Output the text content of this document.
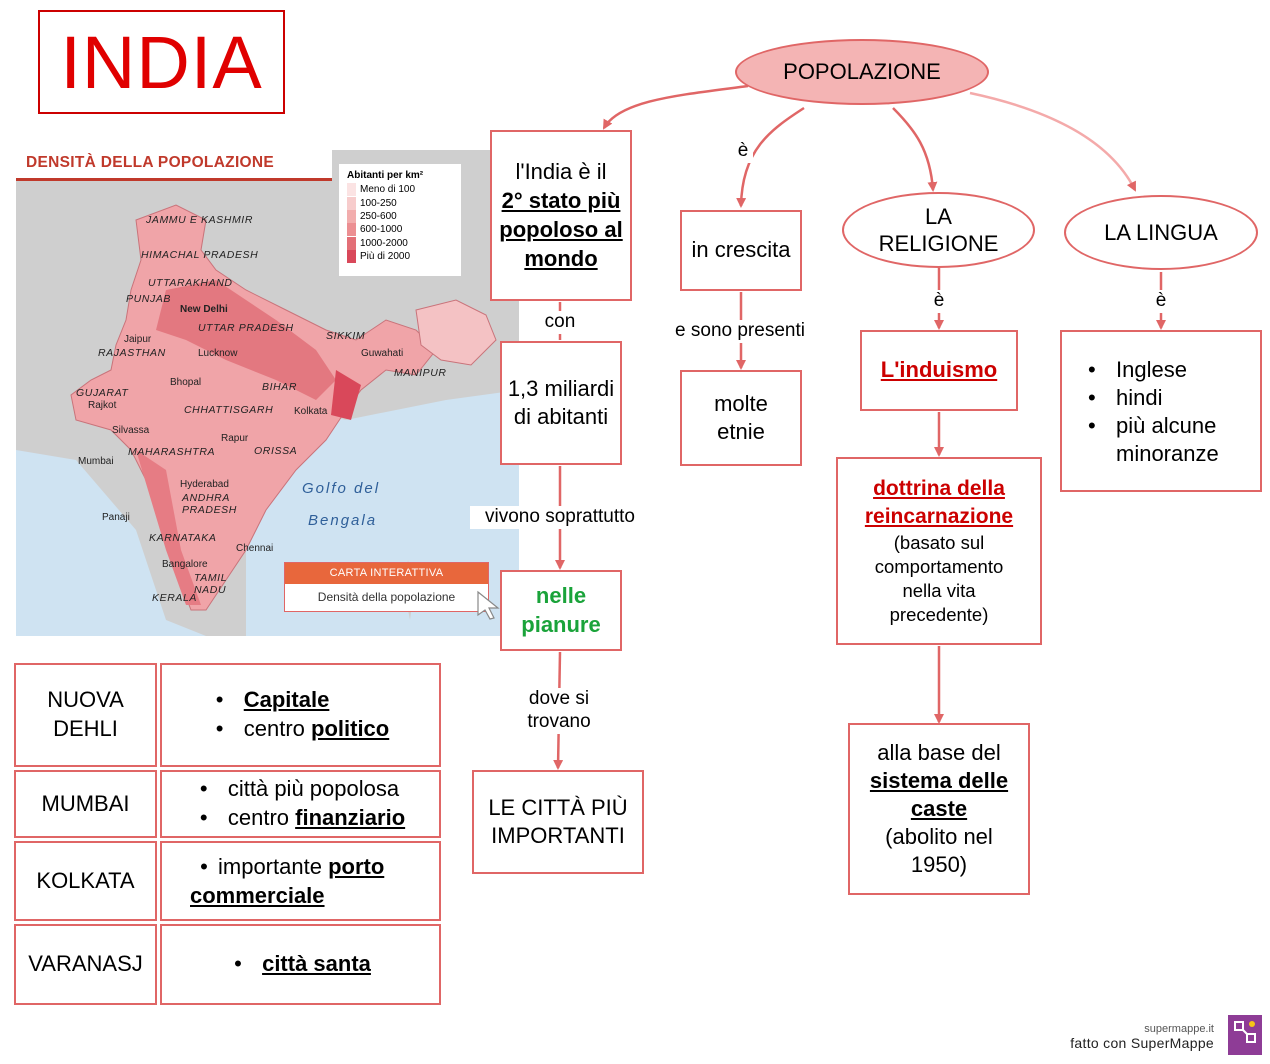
INDIA
DENSITÀ DELLA POPOLAZIONE
Abitanti per km²
Meno di 100
100-250
250-600
600-1000
1000-2000
Più di 2000
JAMMU E KASHMIR
HIMACHAL PRADESH
UTTARAKHAND
PUNJAB
UTTAR PRADESH
RAJASTHAN
SIKKIM
GUJARAT	BIHAR
MANIPUR
CHHATTISGARH
MAHARASHTRA	ORISSA
ANDHRA PRADESH
KARNATAKA
TAMIL NADU
KERALA
New Delhi
Jaipur
Lucknow	Guwahati
Bhopal
Rajkot
Kolkata
Silvassa
Rapur
Mumbai
Hyderabad
Panaji
Chennai
Bangalore
Golfo del
Bengala
CARTA INTERATTIVA
Densità della popolazione
POPOLAZIONE
l'India è il
2° stato più popoloso al mondo
con
1,3 miliardi di abitanti
vivono soprattutto
nelle pianure
dove si trovano
LE CITTÀ PIÙ IMPORTANTI
è
in crescita
e sono presenti
molte etnie
LA RELIGIONE
è
L'induismo
dottrina della reincarnazione
(basato sul comportamento nella vita precedente)
alla base del
sistema delle caste
(abolito nel 1950)
LA LINGUA
è
• Inglese
• hindi
• più alcune minoranze
NUOVA DEHLI
• Capitale
• centro politico
MUMBAI
• città più popolosa
• centro finanziario
KOLKATA
• importante porto commerciale
VARANASJ
•	città santa
supermappe.it
fatto con SuperMappe
